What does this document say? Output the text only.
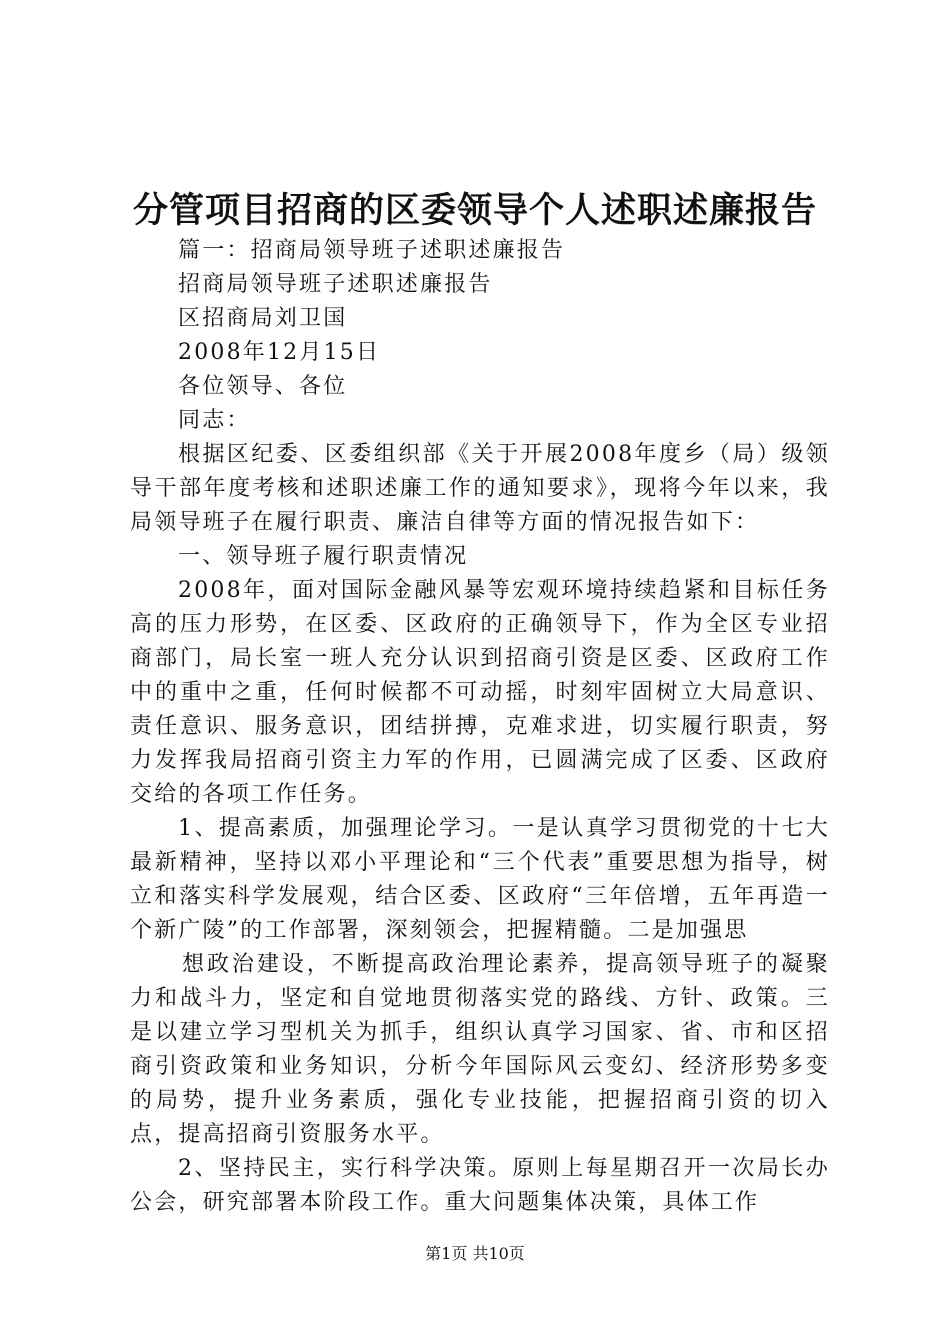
分管项目招商的区委领导个人述职述廉报告

篇一：招商局领导班子述职述廉报告

招商局领导班子述职述廉报告

区招商局刘卫国

2008年12月15日

各位领导、各位

同志：

根据区纪委、区委组织部《关于开展2008年度乡（局）级领导干部年度考核和述职述廉工作的通知要求》，现将今年以来，我局领导班子在履行职责、廉洁自律等方面的情况报告如下：

一、领导班子履行职责情况

2008年，面对国际金融风暴等宏观环境持续趋紧和目标任务高的压力形势，在区委、区政府的正确领导下，作为全区专业招商部门，局长室一班人充分认识到招商引资是区委、区政府工作中的重中之重，任何时候都不可动摇，时刻牢固树立大局意识、责任意识、服务意识，团结拼搏，克难求进，切实履行职责，努力发挥我局招商引资主力军的作用，已圆满完成了区委、区政府交给的各项工作任务。

1、提高素质，加强理论学习。一是认真学习贯彻党的十七大最新精神，坚持以邓小平理论和“三个代表”重要思想为指导，树立和落实科学发展观，结合区委、区政府“三年倍增，五年再造一个新广陵”的工作部署，深刻领会，把握精髓。二是加强思

想政治建设，不断提高政治理论素养，提高领导班子的凝聚力和战斗力，坚定和自觉地贯彻落实党的路线、方针、政策。三是以建立学习型机关为抓手，组织认真学习国家、省、市和区招商引资政策和业务知识，分析今年国际风云变幻、经济形势多变的局势，提升业务素质，强化专业技能，把握招商引资的切入点，提高招商引资服务水平。

2、坚持民主，实行科学决策。原则上每星期召开一次局长办公会，研究部署本阶段工作。重大问题集体决策，具体工作

第1页 共10页
